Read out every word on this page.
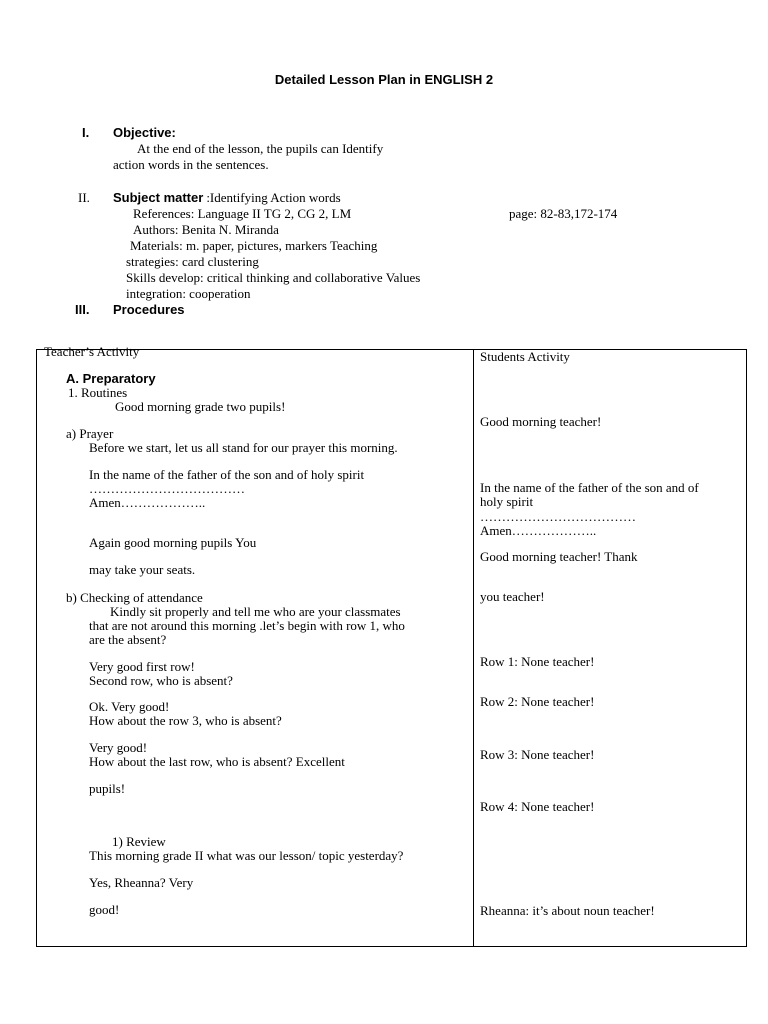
Detailed Lesson Plan in ENGLISH 2
I. Objective:
At the end of the lesson, the pupils can Identify
action words in the sentences.
II. Subject matter :Identifying Action words
References: Language II TG 2, CG 2, LM	page: 82-83,172-174
Authors: Benita N. Miranda
Materials: m. paper, pictures, markers Teaching
strategies: card clustering
Skills develop: critical thinking and collaborative Values
integration: cooperation
III. Procedures
Teacher’s Activity
A. Preparatory
1. Routines
Good morning grade two pupils!
a) Prayer
Before we start, let us all stand for our prayer this morning.
In the name of the father of the son and of holy spirit
………………………………
Amen………………..
Again good morning pupils You
may take your seats.
b) Checking of attendance
Kindly sit properly and tell me who are your classmates
that are not around this morning .let’s begin with row 1, who
are the absent?
Very good first row!
Second row, who is absent?
Ok. Very good!
How about the row 3, who is absent?
Very good!
How about the last row, who is absent? Excellent
pupils!
1) Review
This morning grade II what was our lesson/ topic yesterday?
Yes, Rheanna? Very
good!
Students Activity
Good morning teacher!
In the name of the father of the son and of
holy spirit
………………………………
Amen………………..
Good morning teacher! Thank
you teacher!
Row 1: None teacher!
Row 2: None teacher!
Row 3: None teacher!
Row 4: None teacher!
Rheanna: it’s about noun teacher!
